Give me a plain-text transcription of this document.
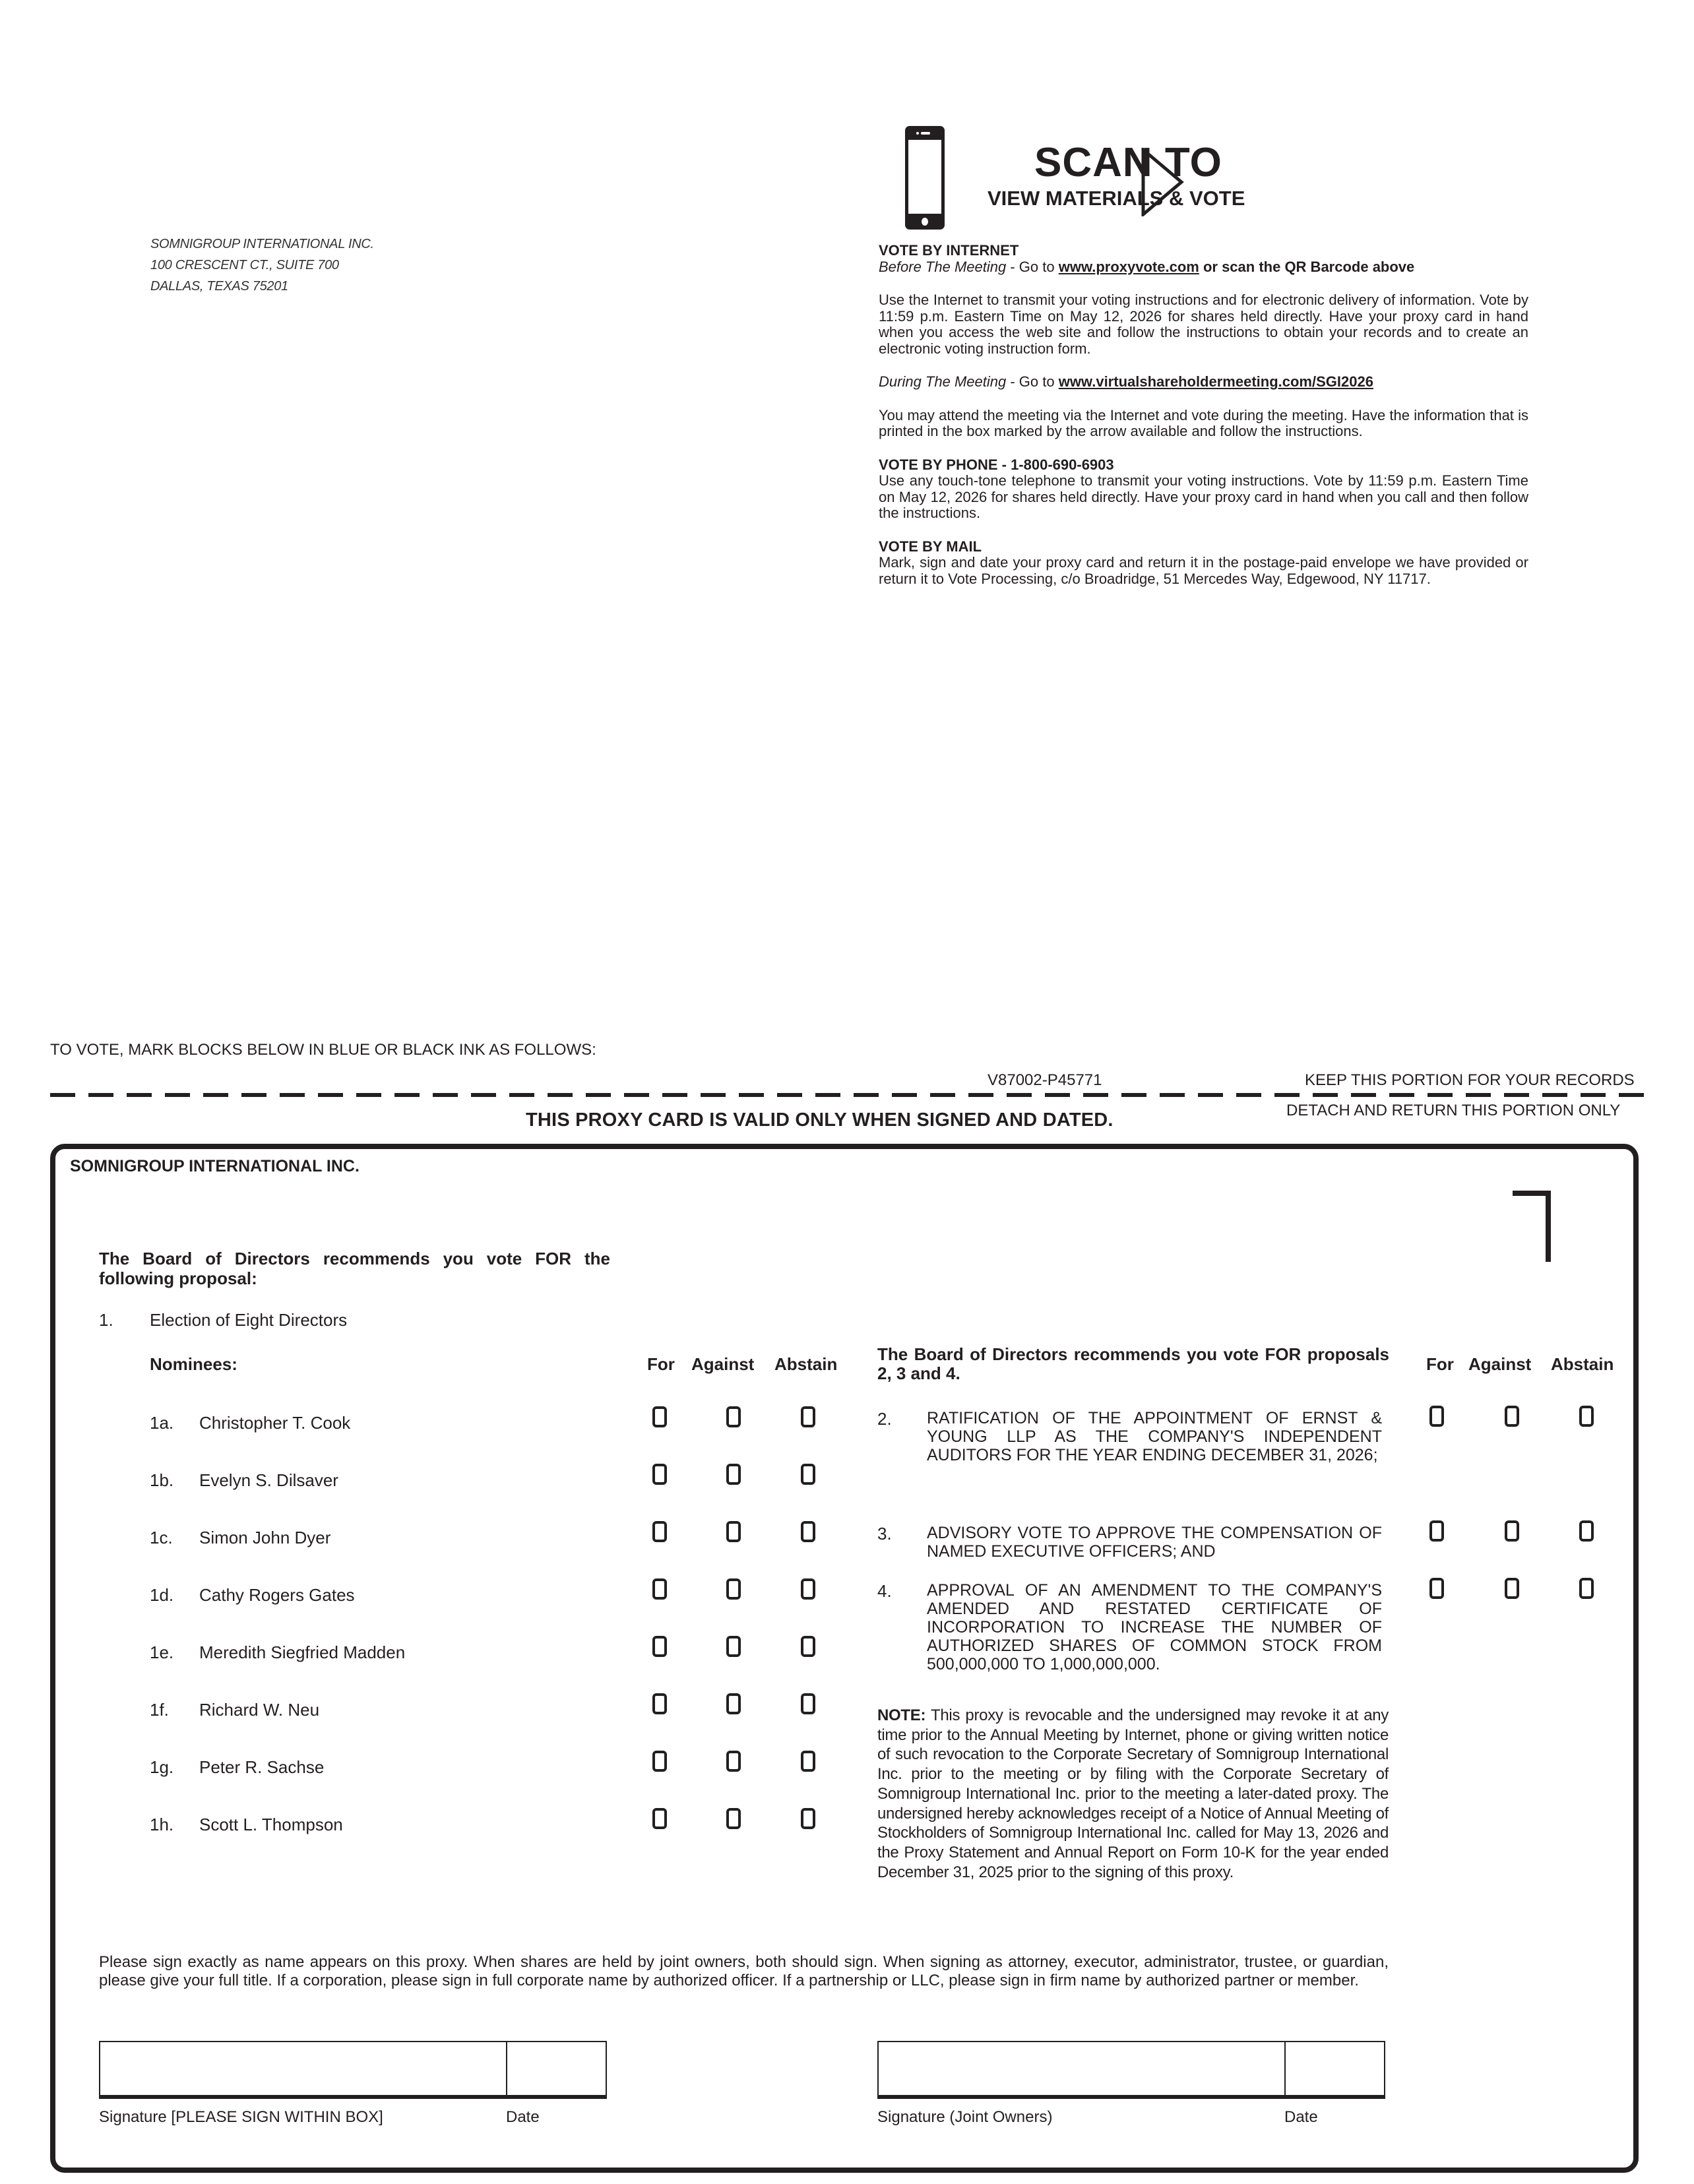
SOMNIGROUP INTERNATIONAL INC.
100 CRESCENT CT., SUITE 700
DALLAS, TEXAS 75201
SCAN TO
VIEW MATERIALS & VOTE

VOTE BY INTERNET

Before The Meeting - Go to www.proxyvote.com or scan the QR Barcode above

Use the Internet to transmit your voting instructions and for electronic delivery of information. Vote by 11:59 p.m. Eastern Time on May 12, 2026 for shares held directly. Have your proxy card in hand when you access the web site and follow the instructions to obtain your records and to create an electronic voting instruction form.

During The Meeting - Go to www.virtualshareholdermeeting.com/SGI2026

You may attend the meeting via the Internet and vote during the meeting. Have the information that is printed in the box marked by the arrow available and follow the instructions.

VOTE BY PHONE - 1-800-690-6903

Use any touch-tone telephone to transmit your voting instructions. Vote by 11:59 p.m. Eastern Time on May 12, 2026 for shares held directly. Have your proxy card in hand when you call and then follow the instructions.

VOTE BY MAIL

Mark, sign and date your proxy card and return it in the postage-paid envelope we have provided or return it to Vote Processing, c/o Broadridge, 51 Mercedes Way, Edgewood, NY 11717.

TO VOTE, MARK BLOCKS BELOW IN BLUE OR BLACK INK AS FOLLOWS:
V87002-P45771	KEEP THIS PORTION FOR YOUR RECORDS
THIS PROXY CARD IS VALID ONLY WHEN SIGNED AND DATED.	DETACH AND RETURN THIS PORTION ONLY
SOMNIGROUP INTERNATIONAL INC.
The Board of Directors recommends you vote FOR the following proposal:
1. Election of Eight Directors
Nominees:	For Against Abstain
1a. Christopher T. Cook
1b. Evelyn S. Dilsaver
1c. Simon John Dyer
1d. Cathy Rogers Gates
1e. Meredith Siegfried Madden
1f. Richard W. Neu
1g. Peter R. Sachse
1h. Scott L. Thompson
The Board of Directors recommends you vote FOR proposals 2, 3 and 4.	For Against Abstain
2. RATIFICATION OF THE APPOINTMENT OF ERNST & YOUNG LLP AS THE COMPANY'S INDEPENDENT AUDITORS FOR THE YEAR ENDING DECEMBER 31, 2026;
3. ADVISORY VOTE TO APPROVE THE COMPENSATION OF NAMED EXECUTIVE OFFICERS; AND
4. APPROVAL OF AN AMENDMENT TO THE COMPANY'S AMENDED AND RESTATED CERTIFICATE OF INCORPORATION TO INCREASE THE NUMBER OF AUTHORIZED SHARES OF COMMON STOCK FROM 500,000,000 TO 1,000,000,000.
NOTE: This proxy is revocable and the undersigned may revoke it at any time prior to the Annual Meeting by Internet, phone or giving written notice of such revocation to the Corporate Secretary of Somnigroup International Inc. prior to the meeting or by filing with the Corporate Secretary of Somnigroup International Inc. prior to the meeting a later-dated proxy. The undersigned hereby acknowledges receipt of a Notice of Annual Meeting of Stockholders of Somnigroup International Inc. called for May 13, 2026 and the Proxy Statement and Annual Report on Form 10-K for the year ended December 31, 2025 prior to the signing of this proxy.
Please sign exactly as name appears on this proxy. When shares are held by joint owners, both should sign. When signing as attorney, executor, administrator, trustee, or guardian, please give your full title. If a corporation, please sign in full corporate name by authorized officer. If a partnership or LLC, please sign in firm name by authorized partner or member.
Signature [PLEASE SIGN WITHIN BOX]	Date	Signature (Joint Owners)	Date
